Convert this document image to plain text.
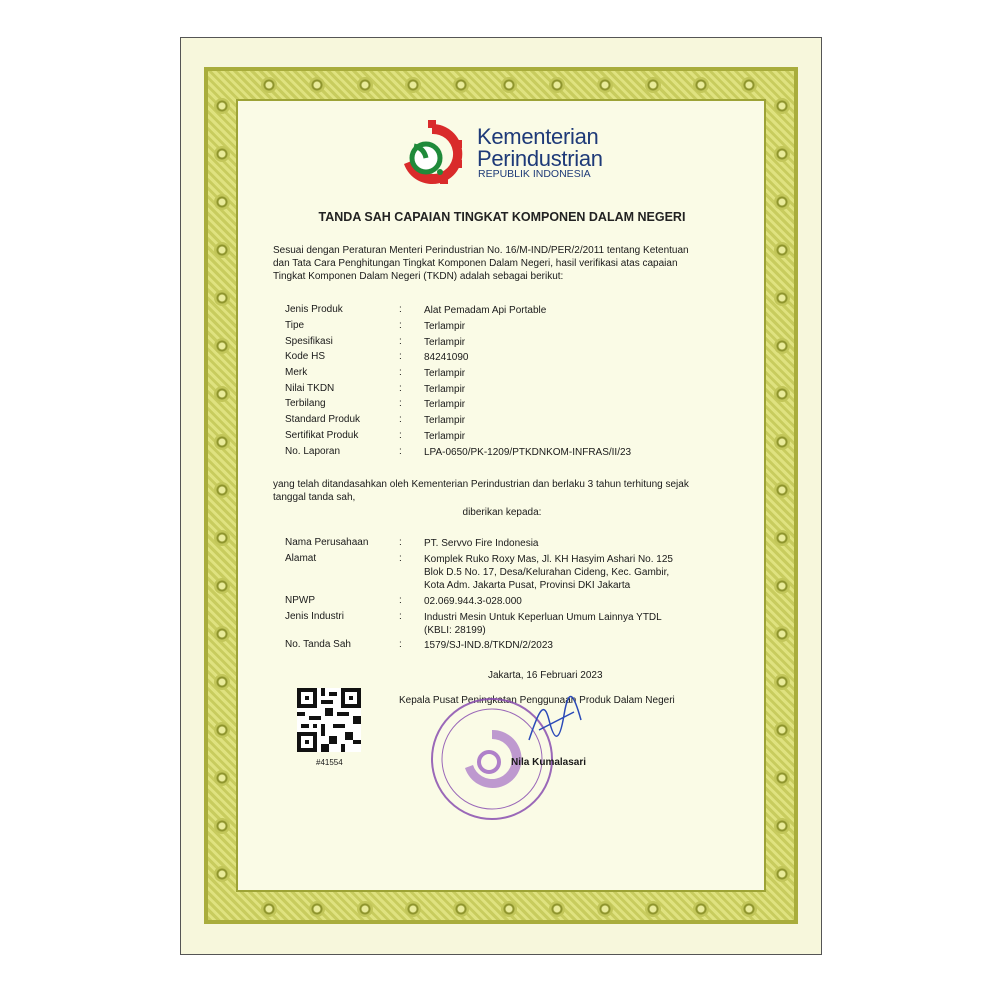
Kementerian
Perindustrian
REPUBLIK INDONESIA
TANDA SAH CAPAIAN TINGKAT KOMPONEN DALAM NEGERI
Sesuai dengan Peraturan Menteri Perindustrian No. 16/M-IND/PER/2/2011 tentang Ketentuan
dan Tata Cara Penghitungan Tingkat Komponen Dalam Negeri, hasil verifikasi atas capaian
Tingkat Komponen Dalam Negeri (TKDN) adalah sebagai berikut:
Jenis Produk	: Alat Pemadam Api Portable
Tipe	: Terlampir
Spesifikasi	: Terlampir
Kode HS	: 84241090
Merk	: Terlampir
Nilai TKDN	: Terlampir
Terbilang	: Terlampir
Standard Produk	: Terlampir
Sertifikat Produk	: Terlampir
No. Laporan	: LPA-0650/PK-1209/PTKDNKOM-INFRAS/II/23
yang telah ditandasahkan oleh Kementerian Perindustrian dan berlaku 3 tahun terhitung sejak
tanggal tanda sah,
diberikan kepada:
Nama Perusahaan	: PT. Servvo Fire Indonesia
Alamat	: Komplek Ruko Roxy Mas, Jl. KH Hasyim Ashari No. 125
Blok D.5 No. 17, Desa/Kelurahan Cideng, Kec. Gambir,
Kota Adm. Jakarta Pusat, Provinsi DKI Jakarta
NPWP	: 02.069.944.3-028.000
Jenis Industri	: Industri Mesin Untuk Keperluan Umum Lainnya YTDL
(KBLI: 28199)
No. Tanda Sah	: 1579/SJ-IND.8/TKDN/2/2023
Jakarta, 16 Februari 2023
Kepala Pusat Peningkatan Penggunaan Produk Dalam Negeri
#41554	Nila Kumalasari
